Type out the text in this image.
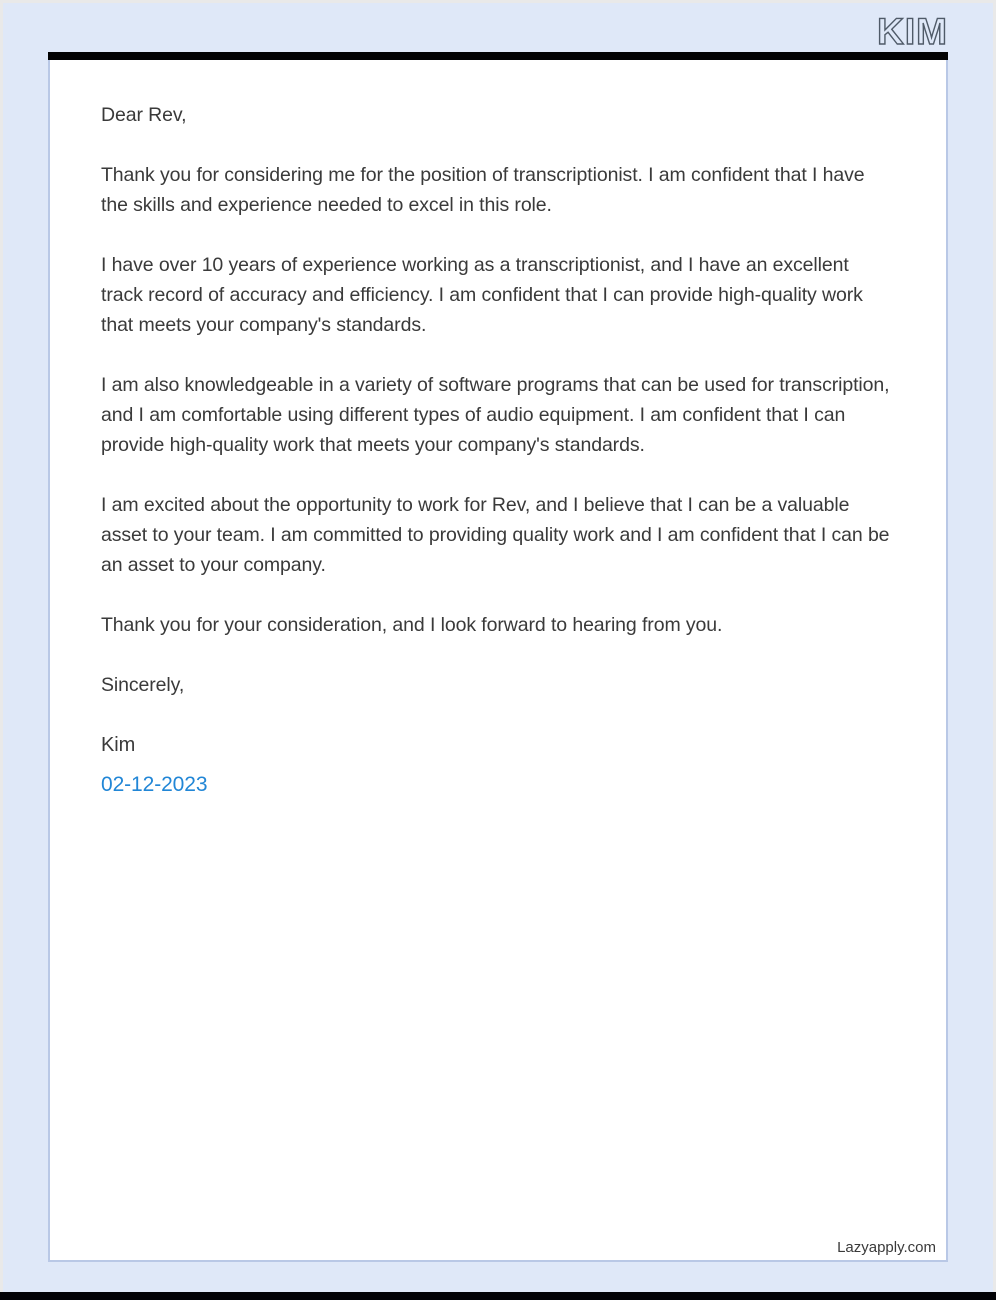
KIM

Dear Rev,

Thank you for considering me for the position of transcriptionist. I am confident that I have the skills and experience needed to excel in this role.

I have over 10 years of experience working as a transcriptionist, and I have an excellent track record of accuracy and efficiency. I am confident that I can provide high-quality work that meets your company's standards.

I am also knowledgeable in a variety of software programs that can be used for transcription, and I am comfortable using different types of audio equipment. I am confident that I can provide high-quality work that meets your company's standards.

I am excited about the opportunity to work for Rev, and I believe that I can be a valuable asset to your team. I am committed to providing quality work and I am confident that I can be an asset to your company.

Thank you for your consideration, and I look forward to hearing from you.

Sincerely,

Kim
02-12-2023
Lazyapply.com
